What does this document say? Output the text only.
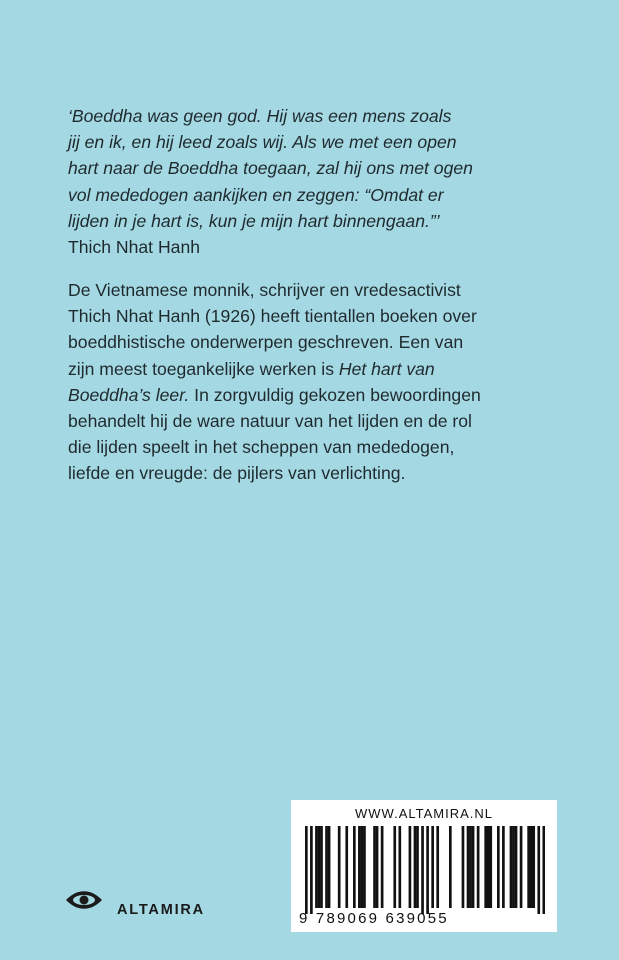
‘Boeddha was geen god. Hij was een mens zoals
jij en ik, en hij leed zoals wij. Als we met een open
hart naar de Boeddha toegaan, zal hij ons met ogen
vol mededogen aankijken en zeggen: “Omdat er
lijden in je hart is, kun je mijn hart binnengaan.”’
Thich Nhat Hanh
De Vietnamese monnik, schrijver en vredesactivist
Thich Nhat Hanh (1926) heeft tientallen boeken over
boeddhistische onderwerpen geschreven. Een van
zijn meest toegankelijke werken is Het hart van
Boeddha’s leer. In zorgvuldig gekozen bewoordingen
behandelt hij de ware natuur van het lijden en de rol
die lijden speelt in het scheppen van mededogen,
liefde en vreugde: de pijlers van verlichting.
WWW.ALTAMIRA.NL
9 789069 639055
ALTAMIRA
